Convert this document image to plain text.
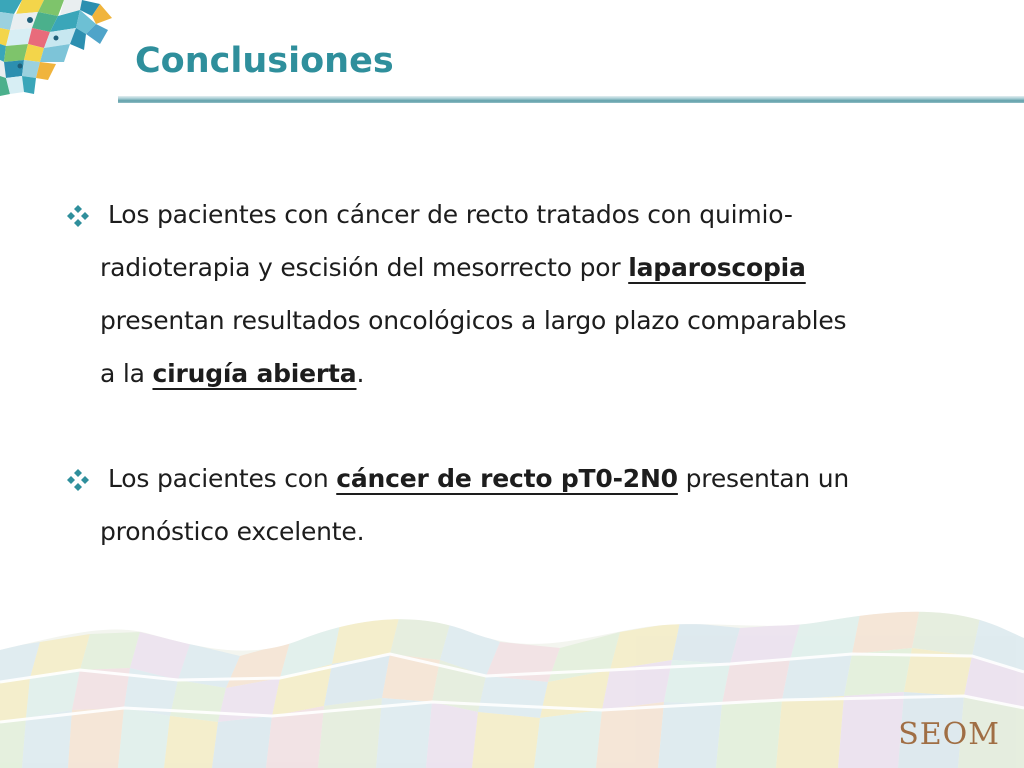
Conclusiones
Los pacientes con cáncer de recto tratados con quimio-
radioterapia y escisión del mesorrecto por laparoscopia
presentan resultados oncológicos a largo plazo comparables
a la cirugía abierta.
Los pacientes con cáncer de recto pT0-2N0 presentan un
pronóstico excelente.
SEOM
